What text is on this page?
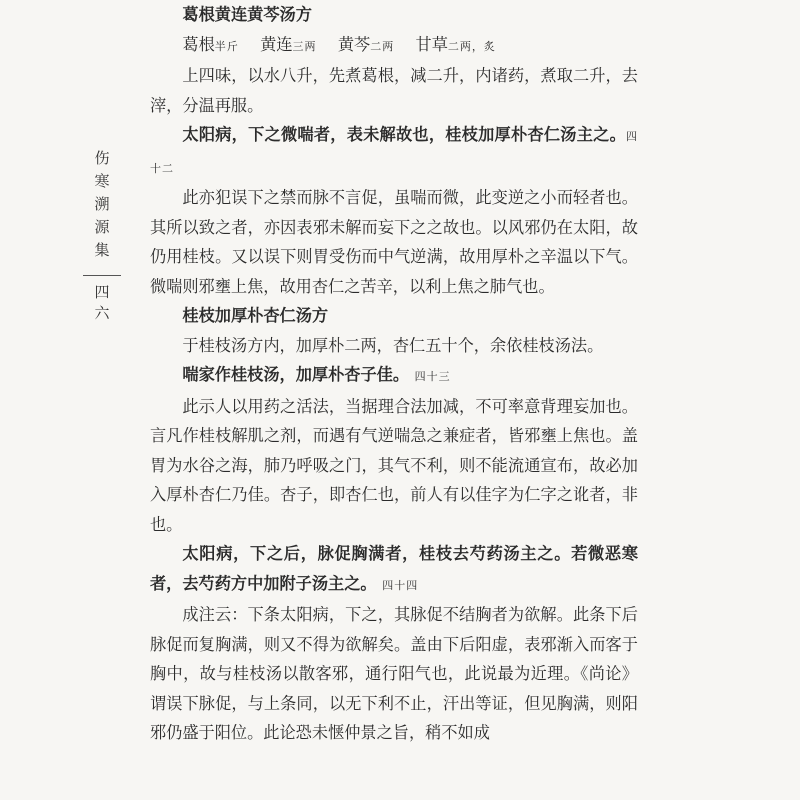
伤寒溯源集
四六

葛根黄连黄芩汤方

葛根半斤  黄连三两  黄芩二两  甘草二两，炙

上四味，以水八升，先煮葛根，减二升，内诸药，煮取二升，去滓，分温再服。

太阳病，下之微喘者，表未解故也，桂枝加厚朴杏仁汤主之。四十二

此亦犯误下之禁而脉不言促，虽喘而微，此变逆之小而轻者也。其所以致之者，亦因表邪未解而妄下之之故也。以风邪仍在太阳，故仍用桂枝。又以误下则胃受伤而中气逆满，故用厚朴之辛温以下气。微喘则邪壅上焦，故用杏仁之苦辛，以利上焦之肺气也。

桂枝加厚朴杏仁汤方

于桂枝汤方内，加厚朴二两，杏仁五十个，余依桂枝汤法。

喘家作桂枝汤，加厚朴杏子佳。 四十三

此示人以用药之活法，当据理合法加减，不可率意背理妄加也。言凡作桂枝解肌之剂，而遇有气逆喘急之兼症者，皆邪壅上焦也。盖胃为水谷之海，肺乃呼吸之门，其气不利，则不能流通宣布，故必加入厚朴杏仁乃佳。杏子，即杏仁也，前人有以佳字为仁字之讹者，非也。

太阳病，下之后，脉促胸满者，桂枝去芍药汤主之。若微恶寒者，去芍药方中加附子汤主之。 四十四

成注云：下条太阳病，下之，其脉促不结胸者为欲解。此条下后脉促而复胸满，则又不得为欲解矣。盖由下后阳虚，表邪渐入而客于胸中，故与桂枝汤以散客邪，通行阳气也，此说最为近理。《尚论》谓误下脉促，与上条同，以无下利不止，汗出等证，但见胸满，则阳邪仍盛于阳位。此论恐未惬仲景之旨，稍不如成
